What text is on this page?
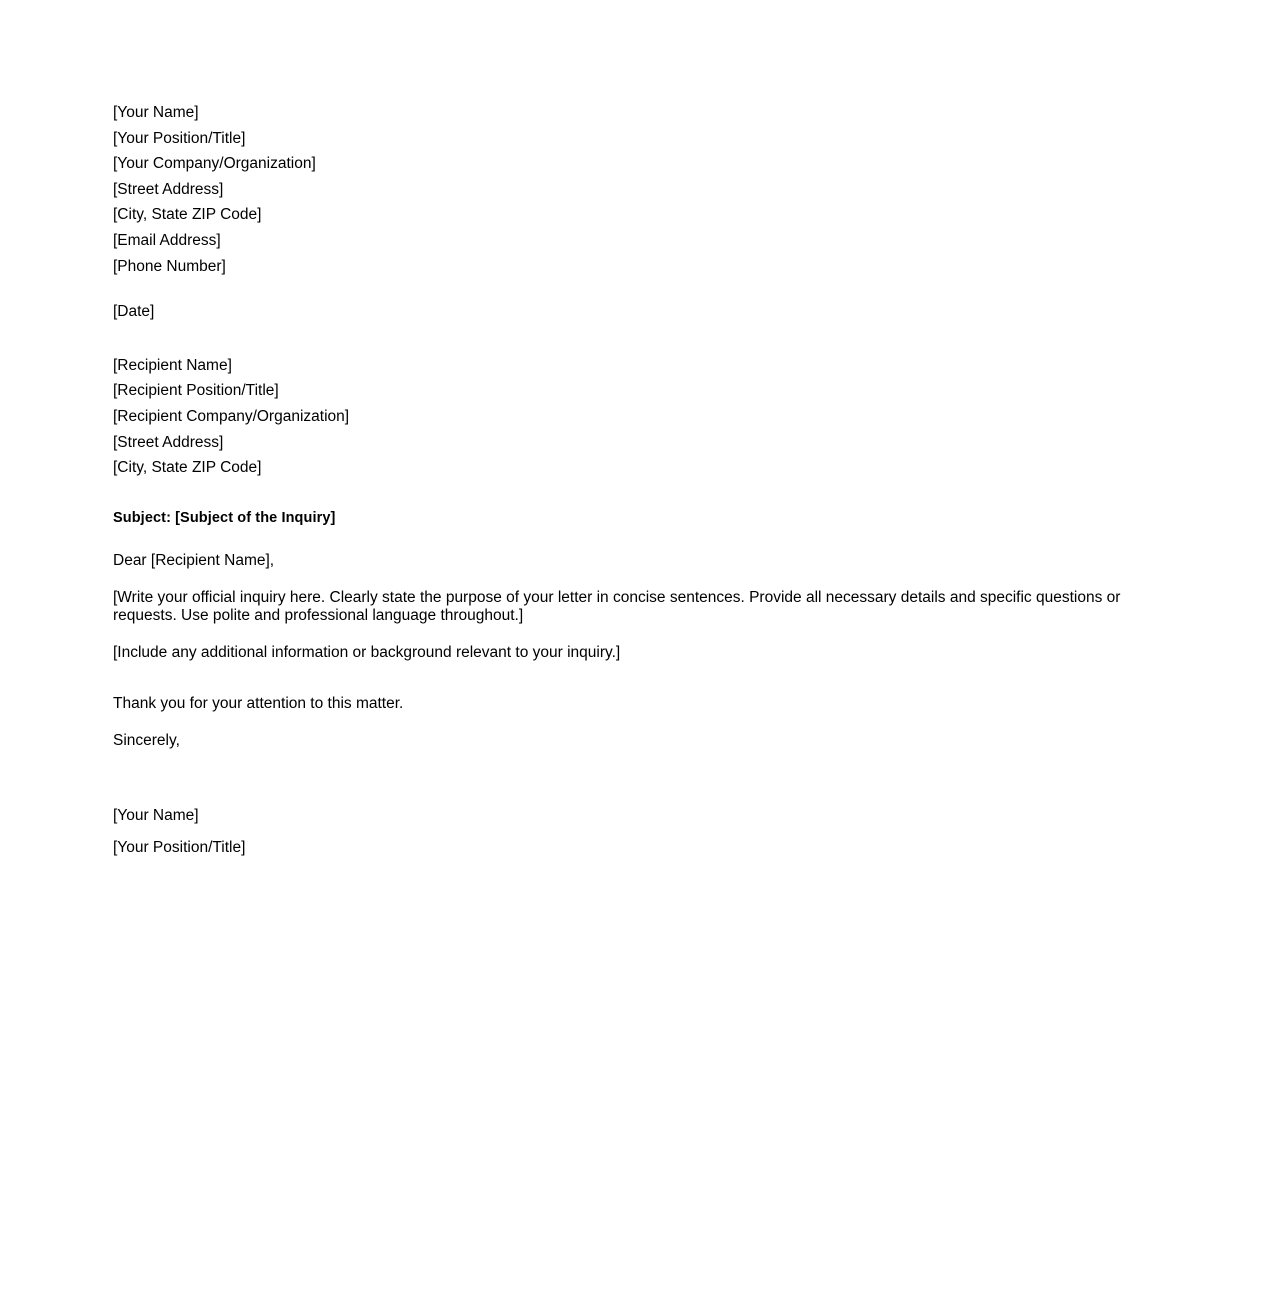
[Your Name]
[Your Position/Title]
[Your Company/Organization]
[Street Address]
[City, State ZIP Code]
[Email Address]
[Phone Number]
[Date]
[Recipient Name]
[Recipient Position/Title]
[Recipient Company/Organization]
[Street Address]
[City, State ZIP Code]
Subject: [Subject of the Inquiry]
Dear [Recipient Name],
[Write your official inquiry here. Clearly state the purpose of your letter in concise sentences. Provide all necessary details and specific questions or requests. Use polite and professional language throughout.]
[Include any additional information or background relevant to your inquiry.]
Thank you for your attention to this matter.
Sincerely,
[Your Name]
[Your Position/Title]
